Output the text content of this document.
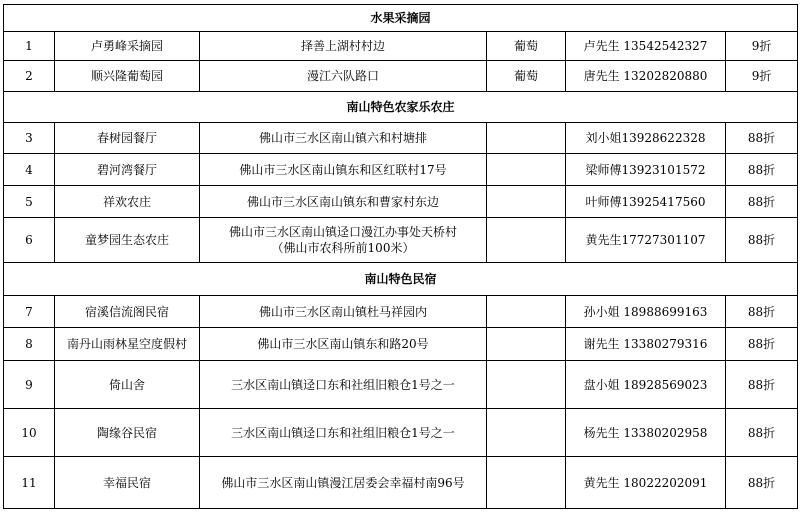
水果采摘园					
1	卢勇峰采摘园	择善上湖村村边	葡萄	卢先生 13542542327	9折
2	顺兴隆葡萄园	漫江六队路口	葡萄	唐先生 13202820880	9折
南山特色农家乐农庄					
3	春树园餐厅	佛山市三水区南山镇六和村塘排		刘小姐13928622328	88折
4	碧河湾餐厅	佛山市三水区南山镇东和区红联村17号		梁师傅13923101572	88折
5	祥欢农庄	佛山市三水区南山镇东和曹家村东边		叶师傅13925417560	88折
6	童梦园生态农庄	佛山市三水区南山镇迳口漫江办事处天桥村
（佛山市农科所前100米）		黄先生17727301107	88折
南山特色民宿					
7	宿溪信流阁民宿	佛山市三水区南山镇杜马祥园内		孙小姐 18988699163	88折
8	南丹山雨林星空度假村	佛山市三水区南山镇东和路20号		谢先生 13380279316	88折
9	倚山舍	三水区南山镇迳口东和社组旧粮仓1号之一		盘小姐 18928569023	88折
10	陶缘谷民宿	三水区南山镇迳口东和社组旧粮仓1号之一		杨先生 13380202958	88折
11	幸福民宿	佛山市三水区南山镇漫江居委会幸福村南96号		黄先生 18022202091	88折
